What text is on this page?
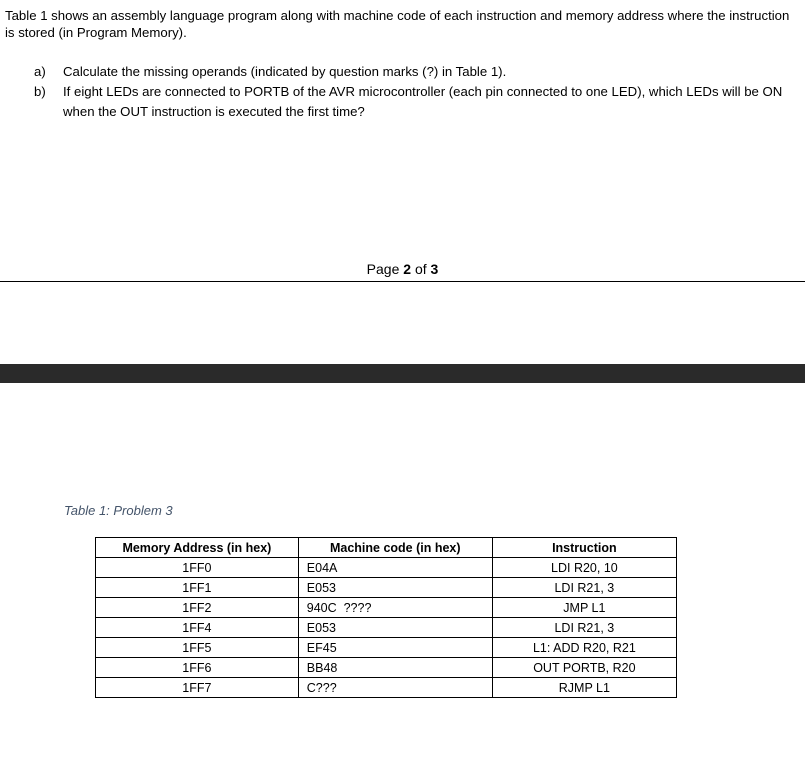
Table 1 shows an assembly language program along with machine code of each instruction and memory address where the instruction is stored (in Program Memory).

a) Calculate the missing operands (indicated by question marks (?) in Table 1).
b) If eight LEDs are connected to PORTB of the AVR microcontroller (each pin connected to one LED), which LEDs will be ON when the OUT instruction is executed the first time?
Page 2 of 3
Table 1: Problem 3
Memory Address (in hex)	Machine code (in hex)	Instruction
1FF0	E04A	LDI R20, 10
1FF1	E053	LDI R21, 3
1FF2	940C  ????	JMP L1
1FF4	E053	LDI R21, 3
1FF5	EF45	L1: ADD R20, R21
1FF6	BB48	OUT PORTB, R20
1FF7	C???	RJMP L1
